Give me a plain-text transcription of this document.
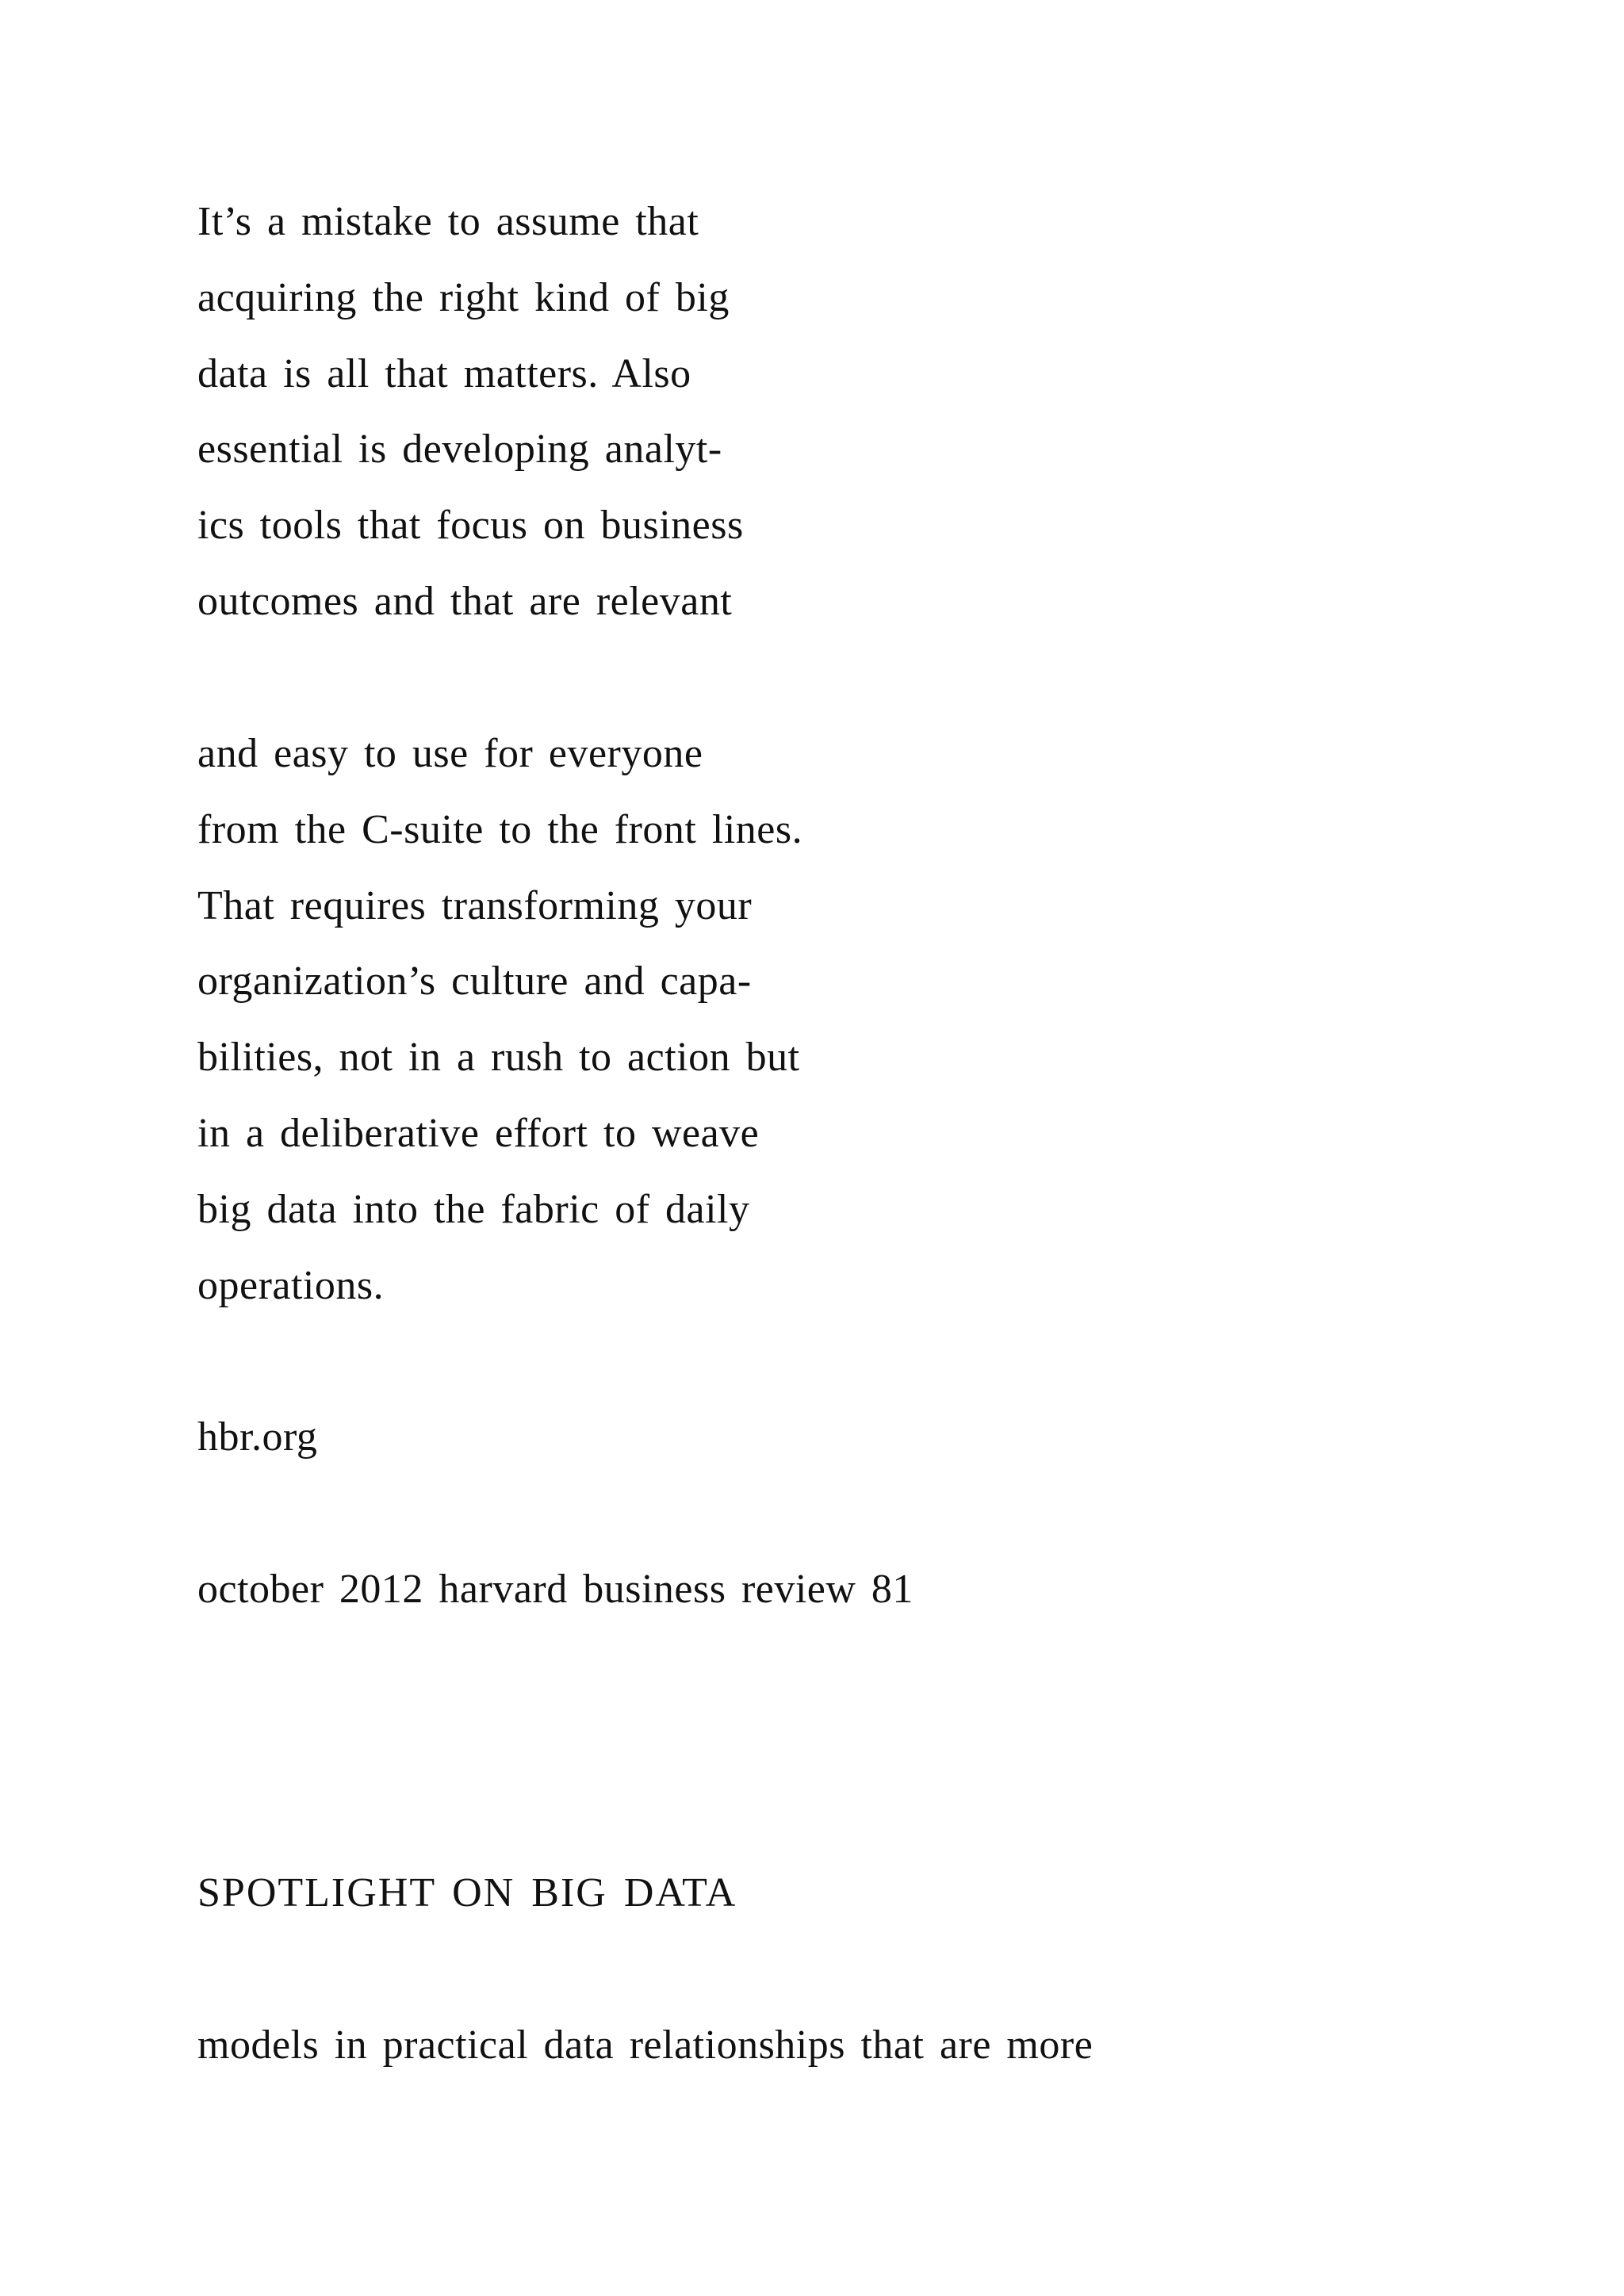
It’s a mistake to assume that
acquiring the right kind of big
data is all that matters. Also
essential is developing analyt-
ics tools that focus on business
outcomes and that are relevant
and easy to use for everyone
from the C-suite to the front lines.
That requires transforming your
organization’s culture and capa-
bilities, not in a rush to action but
in a deliberative effort to weave
big data into the fabric of daily
operations.
hbr.org
october 2012 harvard business review 81
SPOTLIGHT ON BIG DATA
models in practical data relationships that are more
